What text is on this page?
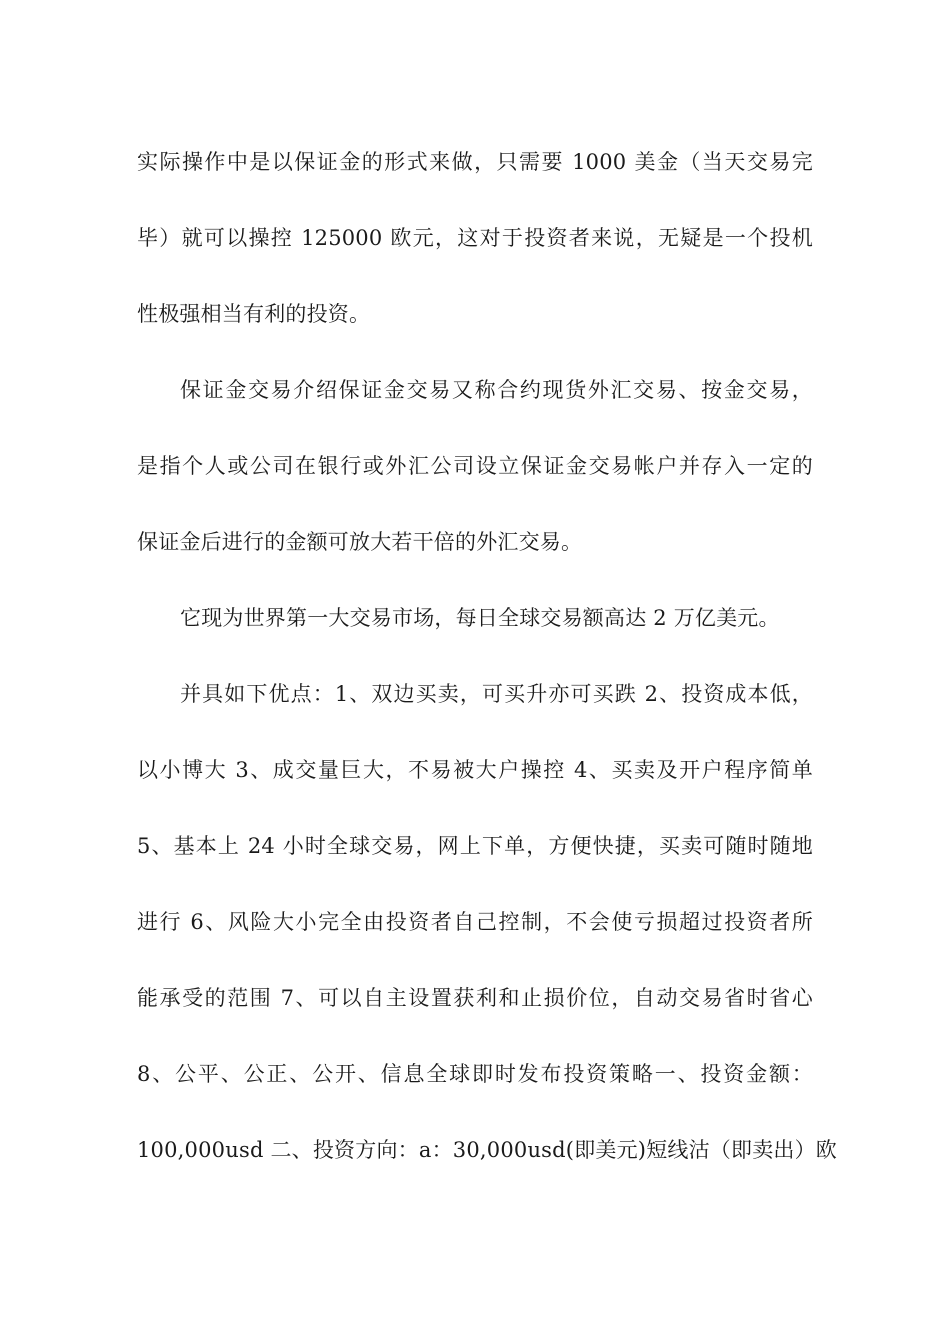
实际操作中是以保证金的形式来做，只需要 1000 美金（当天交易完
毕）就可以操控 125000 欧元，这对于投资者来说，无疑是一个投机
性极强相当有利的投资。
保证金交易介绍保证金交易又称合约现货外汇交易、按金交易，
是指个人或公司在银行或外汇公司设立保证金交易帐户并存入一定的
保证金后进行的金额可放大若干倍的外汇交易。
它现为世界第一大交易市场，每日全球交易额高达 2 万亿美元。
并具如下优点：1、双边买卖，可买升亦可买跌 2、投资成本低，
以小博大 3、成交量巨大，不易被大户操控 4、买卖及开户程序简单
5、基本上 24 小时全球交易，网上下单，方便快捷，买卖可随时随地
进行 6、风险大小完全由投资者自己控制，不会使亏损超过投资者所
能承受的范围 7、可以自主设置获利和止损价位，自动交易省时省心
8、公平、公正、公开、信息全球即时发布投资策略一、投资金额：
100,000usd 二、投资方向：a：30,000usd(即美元)短线沽（即卖出）欧
